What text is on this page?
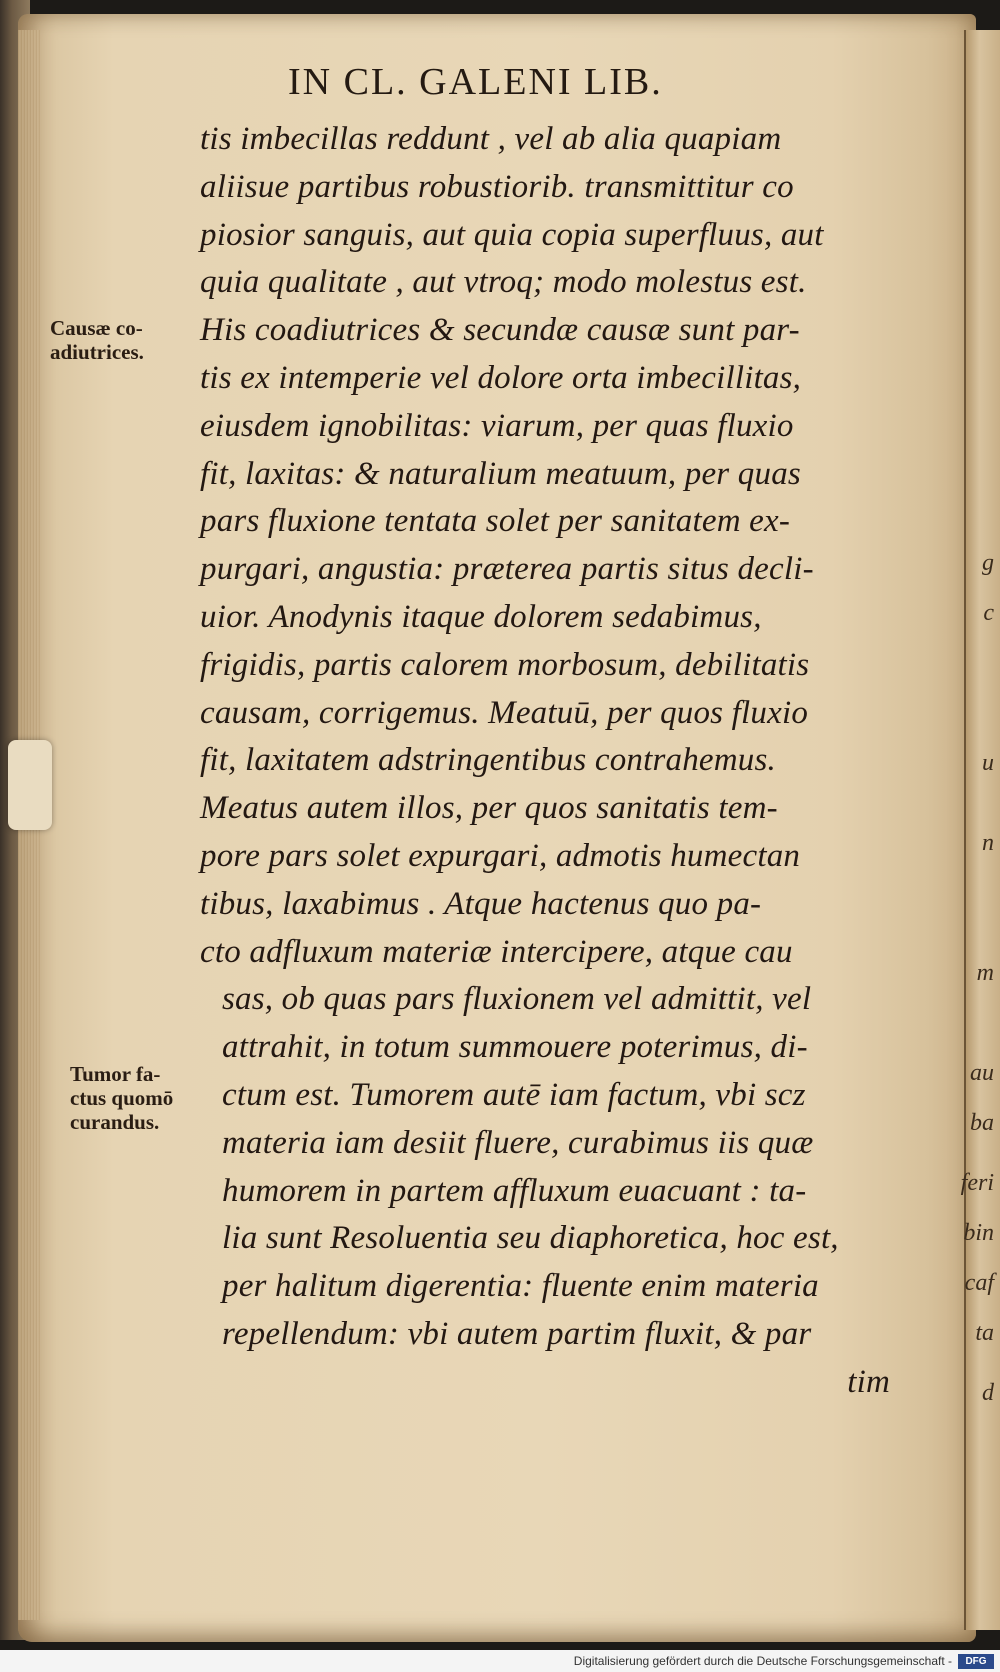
g
c
u
n
m
au
ba
feri
bin
caf
ta
d
IN CL. GALENI LIB.
Causæ co-
adiutrices.
Tumor fa-
ctus quomō
curandus.
tis imbecillas reddunt , vel ab alia quapiam
aliisue partibus robustiorib. transmittitur co
piosior sanguis, aut quia copia superfluus, aut
quia qualitate , aut vtroq; modo molestus est.
His coadiutrices & secundæ causæ sunt par-
tis ex intemperie vel dolore orta imbecillitas,
eiusdem ignobilitas: viarum, per quas fluxio
fit, laxitas: & naturalium meatuum, per quas
pars fluxione tentata solet per sanitatem ex-
purgari, angustia: præterea partis situs decli-
uior. Anodynis itaque dolorem sedabimus,
frigidis, partis calorem morbosum, debilitatis
causam, corrigemus. Meatuū, per quos fluxio
fit, laxitatem adstringentibus contrahemus.
Meatus autem illos, per quos sanitatis tem-
pore pars solet expurgari, admotis humectan
tibus, laxabimus . Atque hactenus quo pa-
cto adfluxum materiæ intercipere, atque cau
sas, ob quas pars fluxionem vel admittit, vel
attrahit, in totum summouere poterimus, di-
ctum est. Tumorem autē iam factum, vbi scz
materia iam desiit fluere, curabimus iis quæ
humorem in partem affluxum euacuant : ta-
lia sunt Resoluentia seu diaphoretica, hoc est,
per halitum digerentia: fluente enim materia
repellendum: vbi autem partim fluxit, & par
tim
Digitalisierung gefördert durch die Deutsche Forschungsgemeinschaft -	DFG
